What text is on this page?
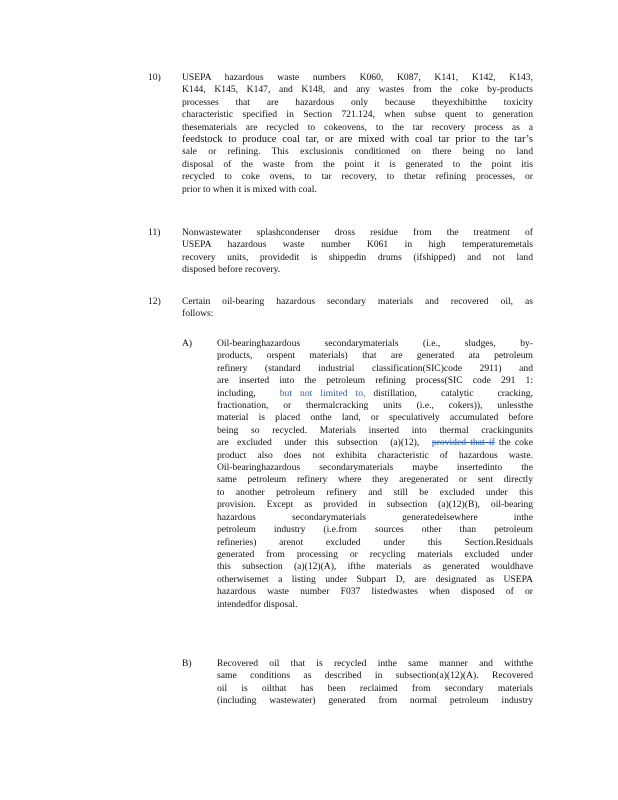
10) USEPA hazardous waste numbers K060, K087, K141, K142, K143,
K144, K145, K147, and K148, and any wastes from the coke by-products
processes that are hazardous only because theyexhibitthe toxicity
characteristic specified in Section 721.124, when subse quent to generation
thesematerials are recycled to cokeovens, to the tar recovery process as a
feedstock to produce coal tar, or are mixed with coal tar prior to the tar’s
sale or refining. This exclusionis conditioned on there being no land
disposal of the waste from the point it is generated to the point itis
recycled to coke ovens, to tar recovery, to thetar refining processes, or
prior to when it is mixed with coal.
11) Nonwastewater splashcondenser dross residue from the treatment of
USEPA hazardous waste number K061 in high temperaturemetals
recovery units, providedit is shippedin drums (ifshipped) and not land
disposed before recovery.
12) Certain oil-bearing hazardous secondary materials and recovered oil, as
follows:
A)	Oil-bearinghazardous secondarymaterials (i.e., sludges, by-
products, orspent materials) that are generated ata petroleum
refinery (standard industrial classification(SIC)code 2911) and
are inserted into the petroleum refining process(SIC code 291 1:
including,   but not limited to, distillation,   catalytic   cracking,
fractionation, or thermalcracking units (i.e., cokers)), unlessthe
material is placed onthe land, or speculatively accumulated before
being so recycled. Materials inserted into thermal crackingunits
are  excluded   under  this  subsection   (a)(12),   provided that if the coke
product also does not exhibita characteristic of hazardous waste.
Oil-bearinghazardous secondarymaterials maybe insertedinto the
same petroleum refinery where they aregenerated or sent directly
to another petroleum refinery and still be excluded under this
provision. Except as provided in subsection (a)(12)(B), oil-bearing
hazardous secondarymaterials generatedelsewhere inthe
petroleum industry (i.e.from sources other than petroleum
refineries) arenot excluded under this Section.Residuals
generated from processing or recycling materials excluded under
this subsection (a)(12)(A), ifthe materials as generated wouldhave
otherwisemet a listing under Subpart D, are designated as USEPA
hazardous waste number F037 listedwastes when disposed of or
intendedfor disposal.
B)	Recovered oil that is recycled inthe same manner and withthe
same conditions as described in subsection(a)(12)(A). Recovered
oil is oilthat has been reclaimed from secondary materials
(including wastewater) generated from normal petroleum industry
